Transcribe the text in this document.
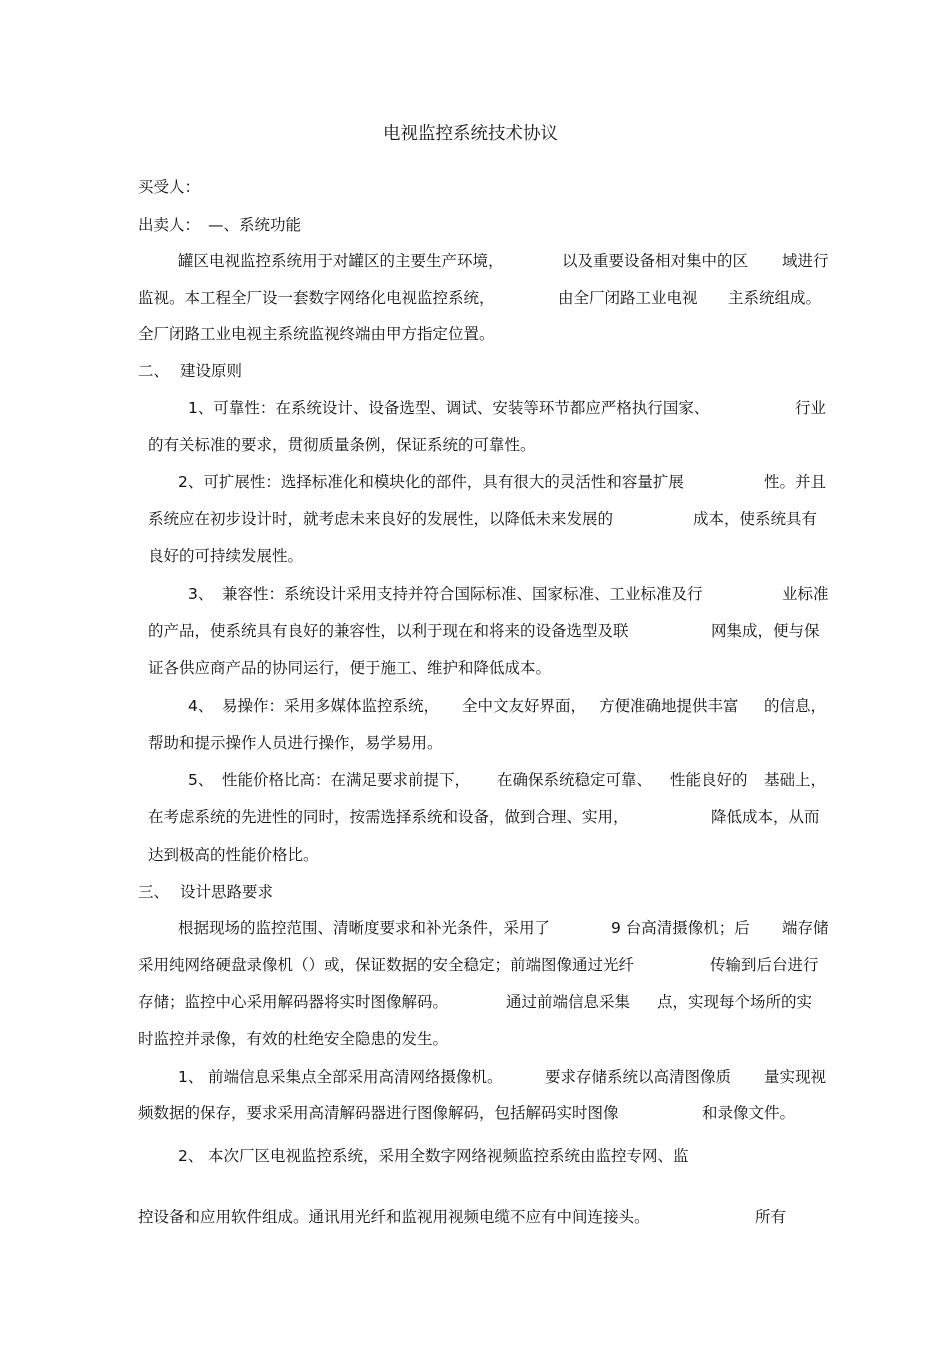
电视监控系统技术协议
买受人：
出卖人： —、系统功能
罐区电视监控系统用于对罐区的主要生产环境，	以及重要设备相对集中的区 域进行
监视。本工程全厂设一套数字网络化电视监控系统，	由全厂闭路工业电视 主系统组成。
全厂闭路工业电视主系统监视终端由甲方指定位置。
二、 建设原则
1、可靠性：在系统设计、设备选型、调试、安装等环节都应严格执行国家、	行业
的有关标准的要求，贯彻质量条例，保证系统的可靠性。
2、可扩展性：选择标准化和模块化的部件，具有很大的灵活性和容量扩展	性。并且
系统应在初步设计时，就考虑未来良好的发展性，以降低未来发展的	成本，使系统具有
良好的可持续发展性。
3、 兼容性：系统设计采用支持并符合国际标准、国家标准、工业标准及行	业标准
的产品，使系统具有良好的兼容性，以利于现在和将来的设备选型及联	网集成，便与保
证各供应商产品的协同运行，便于施工、维护和降低成本。
4、 易操作：采用多媒体监控系统， 全中文友好界面， 方便准确地提供丰富 的信息，
帮助和提示操作人员进行操作，易学易用。
5、 性能价格比高：在满足要求前提下， 在确保系统稳定可靠、 性能良好的 基础上，
在考虑系统的先进性的同时，按需选择系统和设备，做到合理、实用，	降低成本，从而
达到极高的性能价格比。
三、 设计思路要求
根据现场的监控范围、清晰度要求和补光条件，采用了	9 台高清摄像机；后 端存储
采用纯网络硬盘录像机（）或，保证数据的安全稳定；前端图像通过光纤	传输到后台进行
存储；监控中心采用解码器将实时图像解码。	通过前端信息采集 点，实现每个场所的实
时监控并录像，有效的杜绝安全隐患的发生。
1、 前端信息采集点全部采用高清网络摄像机。	要求存储系统以高清图像质 量实现视
频数据的保存，要求采用高清解码器进行图像解码，包括解码实时图像	和录像文件。
2、 本次厂区电视监控系统，采用全数字网络视频监控系统由监控专网、监
控设备和应用软件组成。通讯用光纤和监视用视频电缆不应有中间连接头。	所有
